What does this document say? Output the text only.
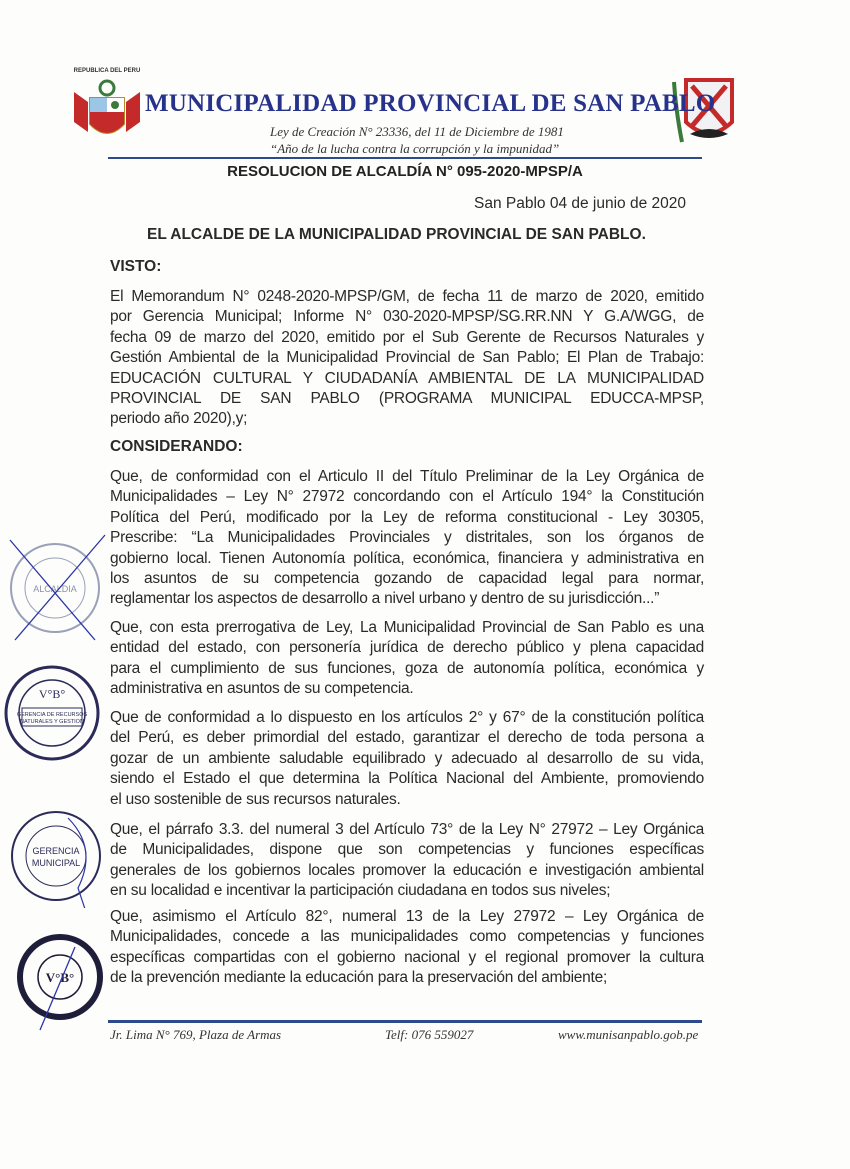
REPUBLICA DEL PERU
MUNICIPALIDAD PROVINCIAL DE SAN PABLO
Ley de Creación N° 23336, del 11 de Diciembre de 1981
“Año de la lucha contra la corrupción y la impunidad”
RESOLUCION DE ALCALDÍA N° 095-2020-MPSP/A
San Pablo 04 de junio de 2020
EL ALCALDE DE LA MUNICIPALIDAD PROVINCIAL DE SAN PABLO.
VISTO:
El Memorandum N° 0248-2020-MPSP/GM, de fecha 11 de marzo de 2020, emitido
por Gerencia Municipal; Informe N° 030-2020-MPSP/SG.RR.NN Y G.A/WGG, de
fecha 09 de marzo del 2020, emitido por el Sub Gerente de Recursos Naturales y
Gestión Ambiental de la Municipalidad Provincial de San Pablo; El Plan de Trabajo:
EDUCACIÓN CULTURAL Y CIUDADANÍA AMBIENTAL DE LA MUNICIPALIDAD
PROVINCIAL DE SAN PABLO (PROGRAMA MUNICIPAL EDUCCA-MPSP,
periodo año 2020),y;
CONSIDERANDO:
Que, de conformidad con el Articulo II del Título Preliminar de la Ley Orgánica de
Municipalidades – Ley N° 27972 concordando con el Artículo 194° la Constitución
Política del Perú, modificado por la Ley de reforma constitucional - Ley 30305,
Prescribe: “La Municipalidades Provinciales y distritales, son los órganos de
gobierno local. Tienen Autonomía política, económica, financiera y administrativa en
los asuntos de su competencia gozando de capacidad legal para normar,
reglamentar los aspectos de desarrollo a nivel urbano y dentro de su jurisdicción...”
Que, con esta prerrogativa de Ley, La Municipalidad Provincial de San Pablo es una
entidad del estado, con personería jurídica de derecho público y plena capacidad
para el cumplimiento de sus funciones, goza de autonomía política, económica y
administrativa en asuntos de su competencia.
Que de conformidad a lo dispuesto en los artículos 2° y 67° de la constitución política
del Perú, es deber primordial del estado, garantizar el derecho de toda persona a
gozar de un ambiente saludable equilibrado y adecuado al desarrollo de su vida,
siendo el Estado el que determina la Política Nacional del Ambiente, promoviendo
el uso sostenible de sus recursos naturales.
Que, el párrafo 3.3. del numeral 3 del Artículo 73° de la Ley N° 27972 – Ley Orgánica
de Municipalidades, dispone que son competencias y funciones específicas
generales de los gobiernos locales promover la educación e investigación ambiental
en su localidad e incentivar la participación ciudadana en todos sus niveles;
Que, asimismo el Artículo 82°, numeral 13 de la Ley 27972 – Ley Orgánica de
Municipalidades, concede a las municipalidades como competencias y funciones
específicas compartidas con el gobierno nacional y el regional promover la cultura
de la prevención mediante la educación para la preservación del ambiente;
ALCALDIA
GERENCIA DE RECURSOS
NATURALES Y GESTION
V°B°
GERENCIA
MUNICIPAL
V°B°
Jr. Lima N° 769, Plaza de Armas	Telf: 076 559027	www.munisanpablo.gob.pe
